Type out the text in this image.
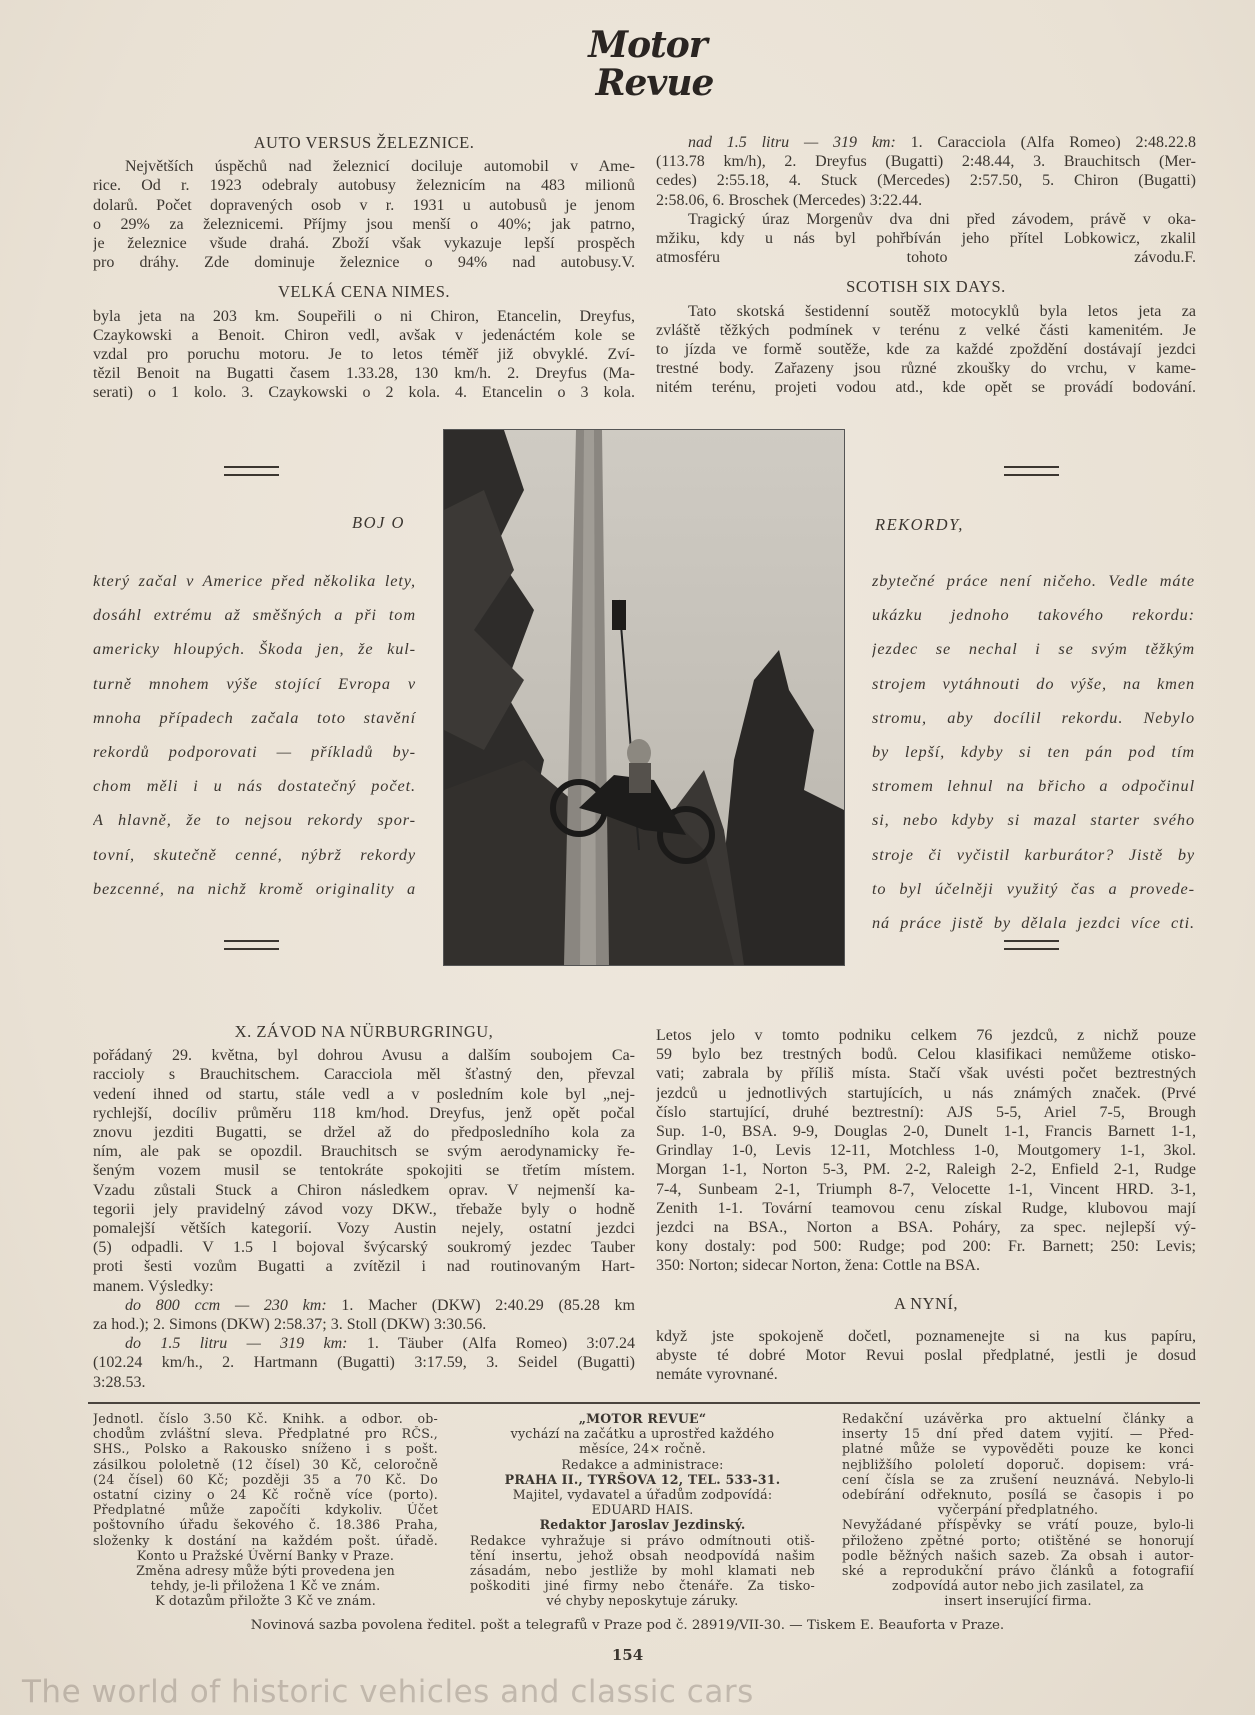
Motor
Revue
AUTO VERSUS ŽELEZNICE.
Největších úspěchů nad železnicí dociluje automobil v Ame-
rice. Od r. 1923 odebraly autobusy železnicím na 483 milionů
dolarů. Počet dopravených osob v r. 1931 u autobusů je jenom
o 29% za železnicemi. Příjmy jsou menší o 40%; jak patrno,
je železnice všude drahá. Zboží však vykazuje lepší prospěch
V.
pro dráhy. Zde dominuje železnice o 94% nad autobusy.
VELKÁ CENA NIMES.
byla jeta na 203 km. Soupeřili o ni Chiron, Etancelin, Dreyfus,
Czaykowski a Benoit. Chiron vedl, avšak v jedenáctém kole se
vzdal pro poruchu motoru. Je to letos téměř již obvyklé. Zví-
tězil Benoit na Bugatti časem 1.33.28, 130 km/h. 2. Dreyfus (Ma-
serati) o 1 kolo. 3. Czaykowski o 2 kola. 4. Etancelin o 3 kola.
nad 1.5 litru — 319 km: 1. Caracciola (Alfa Romeo) 2:48.22.8
(113.78 km/h), 2. Dreyfus (Bugatti) 2:48.44, 3. Brauchitsch (Mer-
cedes) 2:55.18, 4. Stuck (Mercedes) 2:57.50, 5. Chiron (Bugatti)
2:58.06, 6. Broschek (Mercedes) 3:22.44.
Tragický úraz Morgenův dva dni před závodem, právě v oka-
mžiku, kdy u nás byl pohřbíván jeho přítel Lobkowicz, zkalil
F.
atmosféru tohoto závodu.
SCOTISH SIX DAYS.
Tato skotská šestidenní soutěž motocyklů byla letos jeta za
zvláště těžkých podmínek v terénu z velké části kamenitém. Je
to jízda ve formě soutěže, kde za každé zpoždění dostávají jezdci
trestné body. Zařazeny jsou různé zkoušky do vrchu, v kame-
nitém terénu, projeti vodou atd., kde opět se provádí bodování.
BOJ O	REKORDY,
který začal v Americe před několika lety,
dosáhl extrému až směšných a při tom
americky hloupých. Škoda jen, že kul-
turně mnohem výše stojící Evropa v
mnoha případech začala toto stavění
rekordů podporovati — příkladů by-
chom měli i u nás dostatečný počet.
A hlavně, že to nejsou rekordy spor-
tovní, skutečně cenné, nýbrž rekordy
bezcenné, na nichž kromě originality a
zbytečné práce není ničeho. Vedle máte
ukázku jednoho takového rekordu:
jezdec se nechal i se svým těžkým
strojem vytáhnouti do výše, na kmen
stromu, aby docílil rekordu. Nebylo
by lepší, kdyby si ten pán pod tím
stromem lehnul na břicho a odpočinul
si, nebo kdyby si mazal starter svého
stroje či vyčistil karburátor? Jistě by
to byl účelněji využitý čas a provede-
ná práce jistě by dělala jezdci více cti.
X. ZÁVOD NA NÜRBURGRINGU,
pořádaný 29. května, byl dohrou Avusu a dalším soubojem Ca-
raccioly s Brauchitschem. Caracciola měl šťastný den, převzal
vedení ihned od startu, stále vedl a v posledním kole byl „nej-
rychlejší, docíliv průměru 118 km/hod. Dreyfus, jenž opět počal
znovu jezditi Bugatti, se držel až do předposledního kola za
ním, ale pak se opozdil. Brauchitsch se svým aerodynamicky ře-
šeným vozem musil se tentokráte spokojiti se třetím místem.
Vzadu zůstali Stuck a Chiron následkem oprav. V nejmenší ka-
tegorii jely pravidelný závod vozy DKW., třebaže byly o hodně
pomalejší větších kategorií. Vozy Austin nejely, ostatní jezdci
(5) odpadli. V 1.5 l bojoval švýcarský soukromý jezdec Tauber
proti šesti vozům Bugatti a zvítězil i nad routinovaným Hart-
manem. Výsledky:
do 800 ccm — 230 km: 1. Macher (DKW) 2:40.29 (85.28 km
za hod.); 2. Simons (DKW) 2:58.37; 3. Stoll (DKW) 3:30.56.
do 1.5 litru — 319 km: 1. Täuber (Alfa Romeo) 3:07.24
(102.24 km/h., 2. Hartmann (Bugatti) 3:17.59, 3. Seidel (Bugatti)
3:28.53.
Letos jelo v tomto podniku celkem 76 jezdců, z nichž pouze
59 bylo bez trestných bodů. Celou klasifikaci nemůžeme otisko-
vati; zabrala by příliš místa. Stačí však uvésti počet beztrestných
jezdců u jednotlivých startujících, u nás známých značek. (Prvé
číslo startující, druhé beztrestní): AJS 5-5, Ariel 7-5, Brough
Sup. 1-0, BSA. 9-9, Douglas 2-0, Dunelt 1-1, Francis Barnett 1-1,
Grindlay 1-0, Levis 12-11, Motchless 1-0, Moutgomery 1-1, 3kol.
Morgan 1-1, Norton 5-3, PM. 2-2, Raleigh 2-2, Enfield 2-1, Rudge
7-4, Sunbeam 2-1, Triumph 8-7, Velocette 1-1, Vincent HRD. 3-1,
Zenith 1-1. Tovární teamovou cenu získal Rudge, klubovou mají
jezdci na BSA., Norton a BSA. Poháry, za spec. nejlepší vý-
kony dostaly: pod 500: Rudge; pod 200: Fr. Barnett; 250: Levis;
350: Norton; sidecar Norton, žena: Cottle na BSA.
A NYNÍ,
když jste spokojeně dočetl, poznamenejte si na kus papíru,
abyste té dobré Motor Revui poslal předplatné, jestli je dosud
nemáte vyrovnané.
Jednotl. číslo 3.50 Kč. Knihk. a odbor. ob-
chodům zvláštní sleva. Předplatné pro RČS.,
SHS., Polsko a Rakousko sníženo i s pošt.
zásilkou pololetně (12 čísel) 30 Kč, celoročně
(24 čísel) 60 Kč; později 35 a 70 Kč. Do
ostatní ciziny o 24 Kč ročně více (porto).
Předplatné může započíti kdykoliv. Účet
poštovního úřadu šekového č. 18.386 Praha,
složenky k dostání na každém pošt. úřadě.
Konto u Pražské Úvěrní Banky v Praze.
Změna adresy může býti provedena jen
tehdy, je-li přiložena 1 Kč ve znám.
K dotazům přiložte 3 Kč ve znám.
„MOTOR REVUE“
vychází na začátku a uprostřed každého
měsíce, 24× ročně.
Redakce a administrace:
PRAHA II., TYRŠOVA 12, TEL. 533-31.
Majitel, vydavatel a úřadům zodpovídá:
EDUARD HAIS.
Redaktor Jaroslav Jezdinský.
Redakce vyhražuje si právo odmítnouti otiš-
tění insertu, jehož obsah neodpovídá našim
zásadám, nebo jestliže by mohl klamati neb
poškoditi jiné firmy nebo čtenáře. Za tisko-
vé chyby neposkytuje záruky.
Redakční uzávěrka pro aktuelní články a
inserty 15 dní před datem vyjití. — Před-
platné může se vypověděti pouze ke konci
nejbližšího pololetí doporuč. dopisem: vrá-
cení čísla se za zrušení neuznává. Nebylo-li
odebírání odřeknuto, posílá se časopis i po
vyčerpání předplatného.
Nevyžádané příspěvky se vrátí pouze, bylo-li
přiloženo zpětné porto; otištěné se honorují
podle běžných našich sazeb. Za obsah i autor-
ské a reprodukční právo článků a fotografií
zodpovídá autor nebo jich zasilatel, za
insert inserující firma.
Novinová sazba povolena ředitel. pošt a telegrafů v Praze pod č. 28919/VII-30. — Tiskem E. Beauforta v Praze.
154
The world of historic vehicles and classic cars
